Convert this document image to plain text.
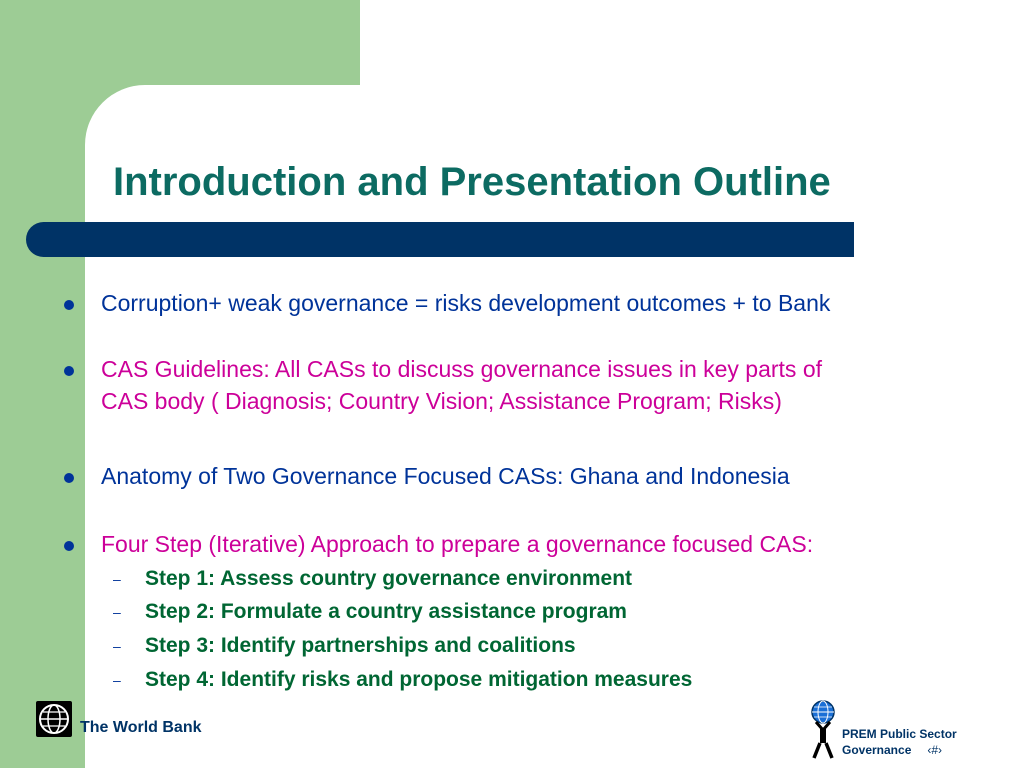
Introduction and Presentation Outline
Corruption+ weak governance = risks development outcomes + to Bank
CAS Guidelines: All CASs to discuss governance issues in key parts of
CAS body ( Diagnosis; Country Vision; Assistance Program; Risks)
Anatomy of Two Governance Focused CASs: Ghana and Indonesia
Four Step (Iterative) Approach to prepare a governance focused CAS:
– Step 1: Assess country governance environment
– Step 2: Formulate a country assistance program
– Step 3: Identify partnerships and coalitions
– Step 4: Identify risks and propose mitigation measures
The World Bank	PREM Public Sector
Governance ‹#›
